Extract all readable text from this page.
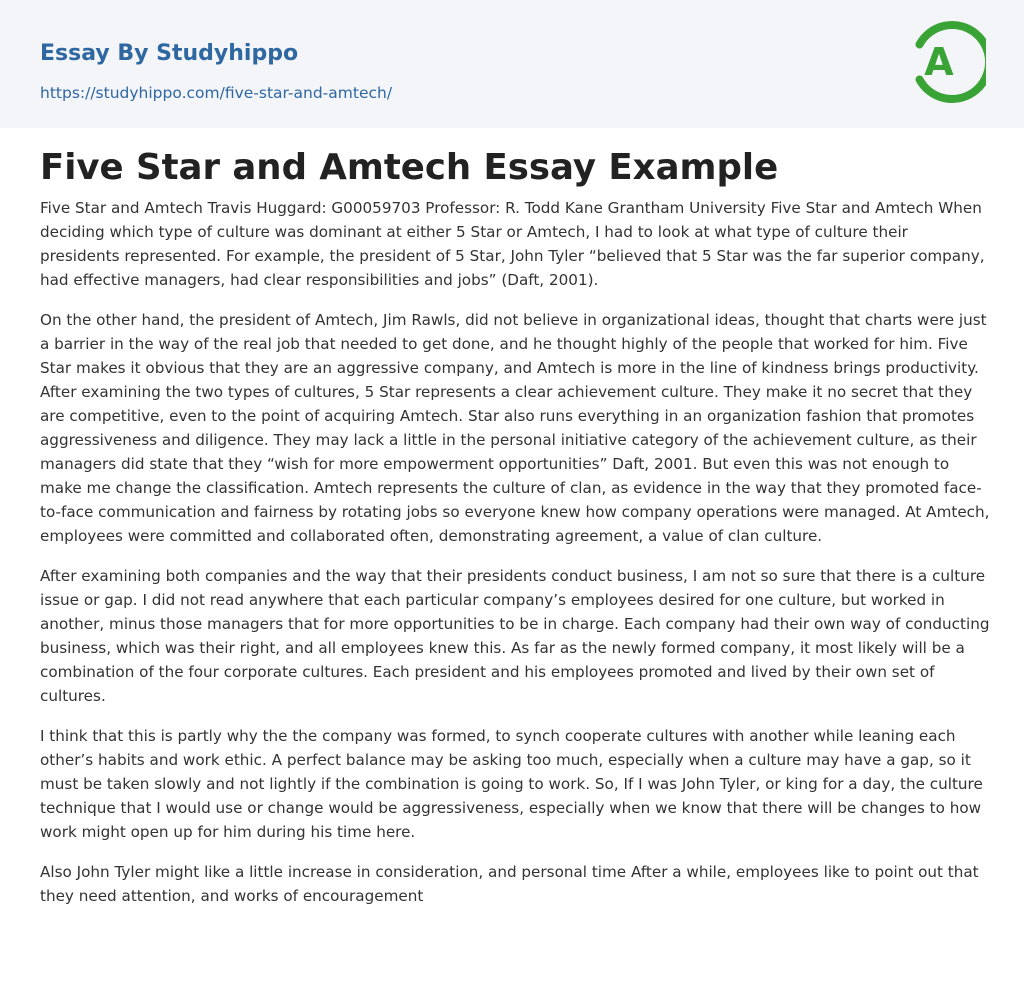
Essay By Studyhippo
https://studyhippo.com/five-star-and-amtech/
A
Five Star and Amtech Essay Example

Five Star and Amtech Travis Huggard: G00059703 Professor: R. Todd Kane Grantham University Five Star and Amtech When deciding which type of culture was dominant at either 5 Star or Amtech, I had to look at what type of culture their presidents represented. For example, the president of 5 Star, John Tyler “believed that 5 Star was the far superior company, had effective managers, had clear responsibilities and jobs” (Daft, 2001).

On the other hand, the president of Amtech, Jim Rawls, did not believe in organizational ideas, thought that charts were just a barrier in the way of the real job that needed to get done, and he thought highly of the people that worked for him. Five Star makes it obvious that they are an aggressive company, and Amtech is more in the line of kindness brings productivity. After examining the two types of cultures, 5 Star represents a clear achievement culture. They make it no secret that they are competitive, even to the point of acquiring Amtech. Star also runs everything in an organization fashion that promotes aggressiveness and diligence. They may lack a little in the personal initiative category of the achievement culture, as their managers did state that they “wish for more empowerment opportunities” Daft, 2001. But even this was not enough to make me change the classification. Amtech represents the culture of clan, as evidence in the way that they promoted face-to-face communication and fairness by rotating jobs so everyone knew how company operations were managed. At Amtech, employees were committed and collaborated often, demonstrating agreement, a value of clan culture.

After examining both companies and the way that their presidents conduct business, I am not so sure that there is a culture issue or gap. I did not read anywhere that each particular company’s employees desired for one culture, but worked in another, minus those managers that for more opportunities to be in charge. Each company had their own way of conducting business, which was their right, and all employees knew this. As far as the newly formed company, it most likely will be a combination of the four corporate cultures. Each president and his employees promoted and lived by their own set of cultures.

I think that this is partly why the the company was formed, to synch cooperate cultures with another while leaning each other’s habits and work ethic. A perfect balance may be asking too much, especially when a culture may have a gap, so it must be taken slowly and not lightly if the combination is going to work. So, If I was John Tyler, or king for a day, the culture technique that I would use or change would be aggressiveness, especially when we know that there will be changes to how work might open up for him during his time here.

Also John Tyler might like a little increase in consideration, and personal time After a while, employees like to point out that they need attention, and works of encouragement
